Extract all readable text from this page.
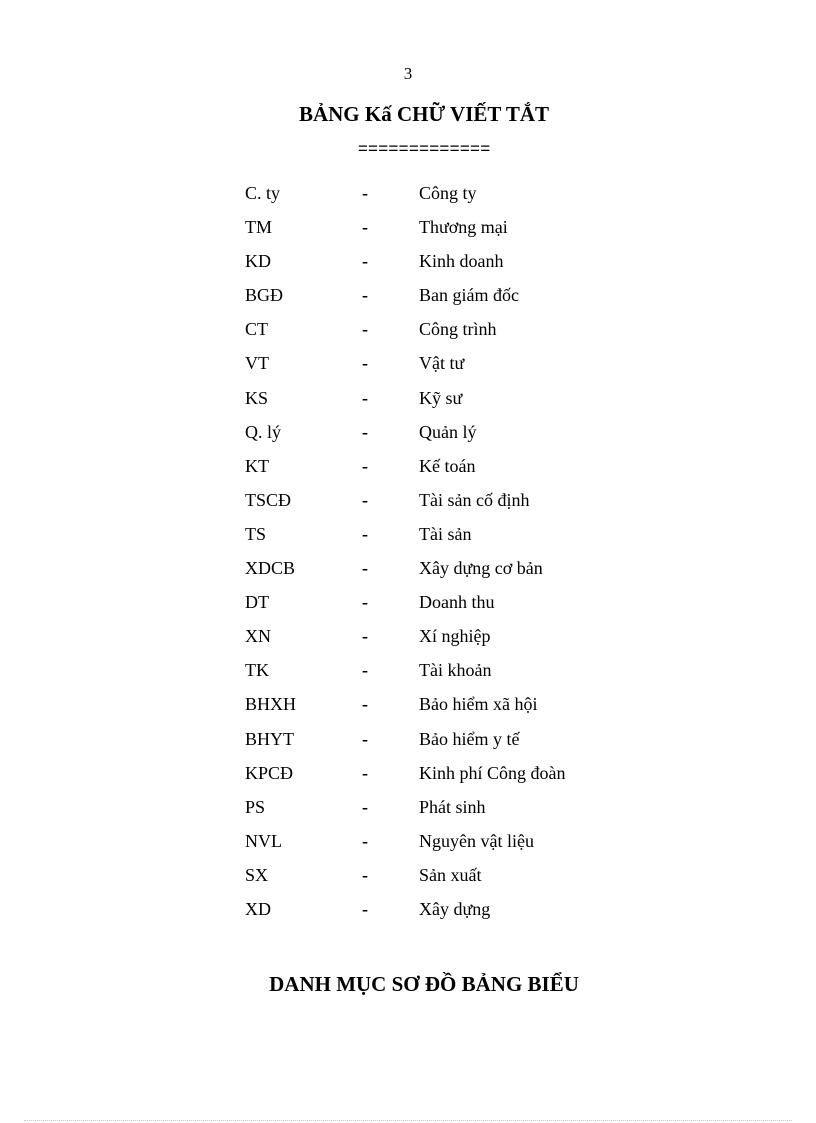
3
BẢNG Kấ CHỮ VIẾT TẮT
=============
C. ty	-	Công ty
TM	-	Thương mại
KD	-	Kinh doanh
BGĐ	-	Ban giám đốc
CT	-	Công trình
VT	-	Vật tư
KS	-	Kỹ sư
Q. lý	-	Quản lý
KT	-	Kế toán
TSCĐ	-	Tài sản cố định
TS	-	Tài sản
XDCB	-	Xây dựng cơ bản
DT	-	Doanh thu
XN	-	Xí nghiệp
TK	-	Tài khoản
BHXH	-	Bảo hiểm xã hội
BHYT	-	Bảo hiểm y tế
KPCĐ	-	Kinh phí Công đoàn
PS	-	Phát sinh
NVL	-	Nguyên vật liệu
SX	-	Sản xuất
XD	-	Xây dựng
DANH MỤC SƠ ĐỒ BẢNG BIỂU
